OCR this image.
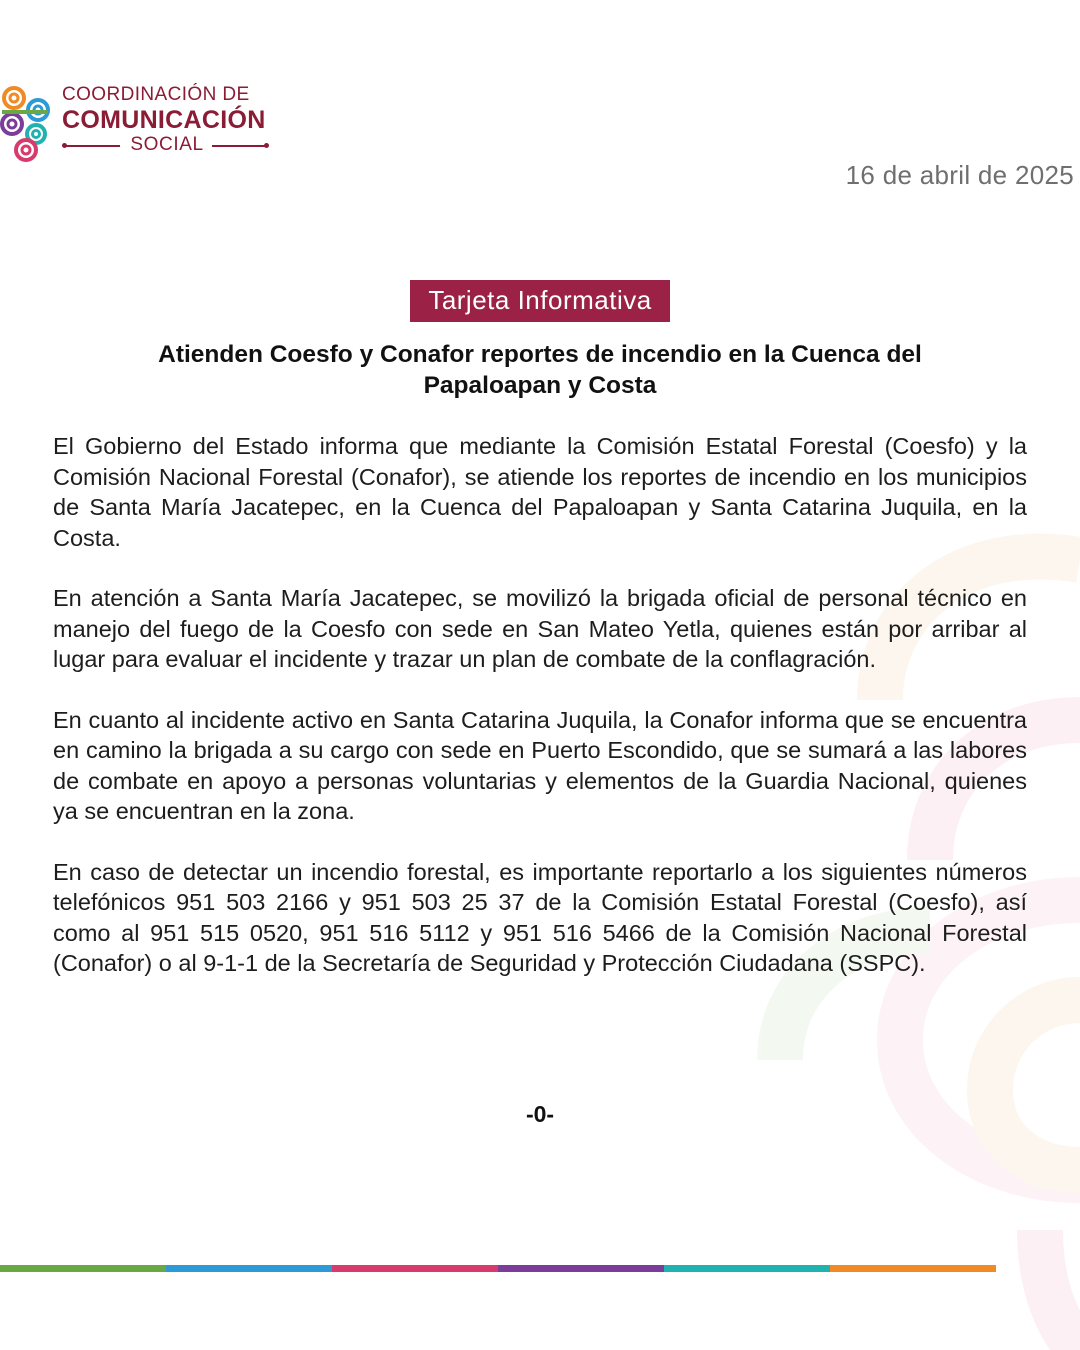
COORDINACIÓN DE
COMUNICACIÓN
SOCIAL
16 de abril de 2025
Tarjeta Informativa
Atienden Coesfo y Conafor reportes de incendio en la Cuenca del Papaloapan y Costa

El Gobierno del Estado informa que mediante la Comisión Estatal Forestal (Coesfo) y la Comisión Nacional Forestal (Conafor), se atiende los reportes de incendio en los municipios de Santa María Jacatepec, en la Cuenca del Papaloapan y Santa Catarina Juquila, en la Costa.

En atención a Santa María Jacatepec, se movilizó la brigada oficial de personal técnico en manejo del fuego de la Coesfo con sede en San Mateo Yetla, quienes están por arribar al lugar para evaluar el incidente y trazar un plan de combate de la conflagración.

En cuanto al incidente activo en Santa Catarina Juquila, la Conafor informa que se encuentra en camino la brigada a su cargo con sede en Puerto Escondido, que se sumará a las labores de combate en apoyo a personas voluntarias y elementos de la Guardia Nacional, quienes ya se encuentran en la zona.

En caso de detectar un incendio forestal, es importante reportarlo a los siguientes números telefónicos 951 503 2166 y 951 503 25 37 de la Comisión Estatal Forestal (Coesfo), así como al 951 515 0520, 951 516 5112 y 951 516 5466 de la Comisión Nacional Forestal (Conafor) o al 9-1-1 de la Secretaría de Seguridad y Protección Ciudadana (SSPC).

-0-
